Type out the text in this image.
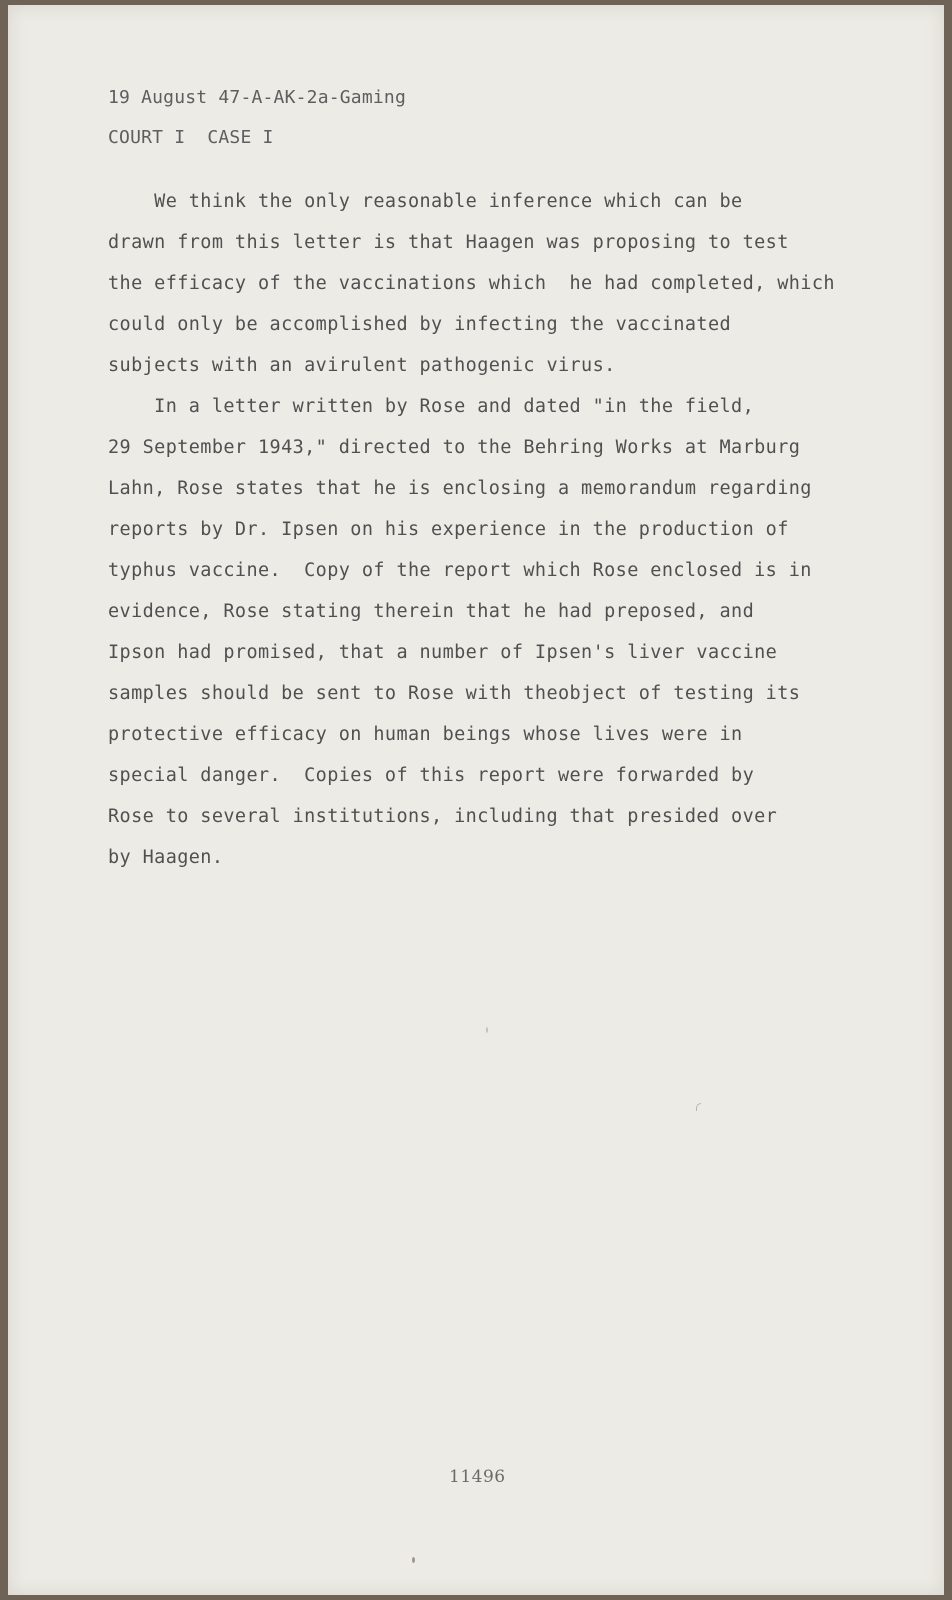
19 August 47-A-AK-2a-Gaming
COURT I  CASE I
We think the only reasonable inference which can be
drawn from this letter is that Haagen was proposing to test
the efficacy of the vaccinations which  he had completed, which
could only be accomplished by infecting the vaccinated
subjects with an avirulent pathogenic virus.
In a letter written by Rose and dated "in the field,
29 September 1943," directed to the Behring Works at Marburg
Lahn, Rose states that he is enclosing a memorandum regarding
reports by Dr. Ipsen on his experience in the production of
typhus vaccine.  Copy of the report which Rose enclosed is in
evidence, Rose stating therein that he had preposed, and
Ipson had promised, that a number of Ipsen's liver vaccine
samples should be sent to Rose with theobject of testing its
protective efficacy on human beings whose lives were in
special danger.  Copies of this report were forwarded by
Rose to several institutions, including that presided over
by Haagen.
11496
